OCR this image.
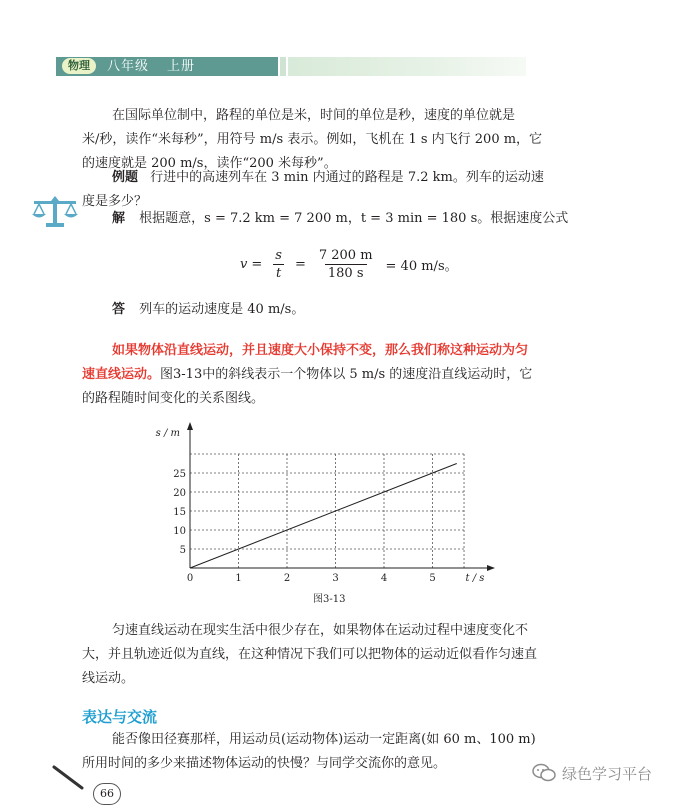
物理	八年级 上册

在国际单位制中，路程的单位是米，时间的单位是秒，速度的单位就是

米/秒，读作“米每秒”，用符号 m/s 表示。例如，飞机在 1 s 内飞行 200 m，它

的速度就是 200 m/s，读作“200 米每秒”。

例题 行进中的高速列车在 3 min 内通过的路程是 7.2 km。列车的运动速

度是多少？

解 根据题意，s = 7.2 km = 7 200 m，t = 3 min = 180 s。根据速度公式

$v = \frac{s}{t} = \frac{7 200 m}{180 s} = 40$ m/s。

答 列车的运动速度是 40 m/s。

如果物体沿直线运动，并且速度大小保持不变，那么我们称这种运动为匀

速直线运动。图3-13中的斜线表示一个物体以 5 m/s 的速度沿直线运动时，它

的路程随时间变化的关系图线。

0	1	2	3	4	5
5
10
15
20
25
s / m
t / s
图3-13

匀速直线运动在现实生活中很少存在，如果物体在运动过程中速度变化不

大，并且轨迹近似为直线，在这种情况下我们可以把物体的运动近似看作匀速直

线运动。

表达与交流

能否像田径赛那样，用运动员(运动物体)运动一定距离(如 60 m、100 m)

所用时间的多少来描述物体运动的快慢？与同学交流你的意见。

66
绿色学习平台
